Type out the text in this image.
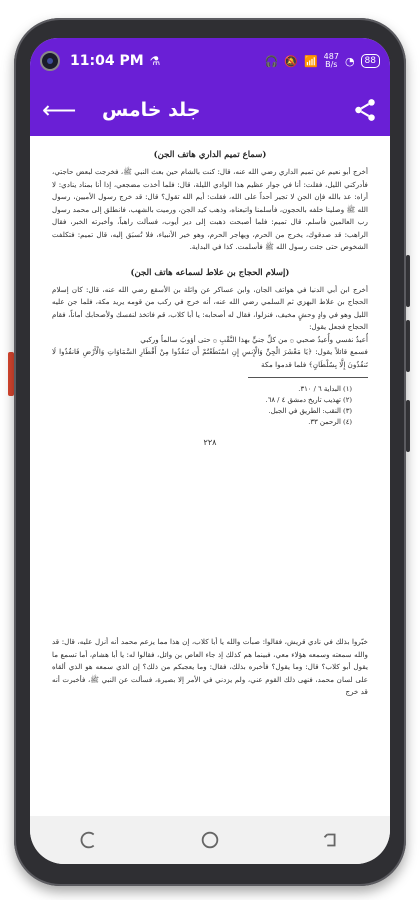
11:04 PM ⚗	🎧 🔕 📶 487
B/s ◔	88
⟵ جلد خامس
(سماع تميم الداري هاتف الجن)
أخرج أبو نعيم عن تميم الداري رضي الله عنه، قال: كنت بالشام حين بعث النبي ﷺ، فخرجت لبعض حاجتي، فأدركني الليل، فقلت: أنا في جوار عظيم هذا الوادي الليلة، قال: فلما أخذت مضجعي، إذا أنا بمناد ينادي: لا أراه: عذ بالله فإن الجن لا تجير أحداً على الله، فقلت: أيم الله تقول؟ قال: قد خرج رسول الأميين، رسول الله ﷺ وصلينا خلفه بالحجون، فأسلمنا واتبعناه، وذهب كيد الجن، ورميت بالشهب، فانطلق إلى محمد رسول رب العالمين فأسلم. قال تميم: فلما أصبحت ذهبت إلى دير أيوب، فسألت راهباً، وأخبرته الخبر، فقال الراهب: قد صدقوك، يخرج من الحرم، ويهاجر الحرم، وهو خير الأنبياء، فلا تُسبَق إليه، قال تميم: فتكلفت الشخوص حتى جئت رسول الله ﷺ فأسلمت. كذا في البداية.
(إسلام الحجاج بن علاط لسماعه هاتف الجن)
أخرج ابن أبي الدنيا في هواتف الجان، وابن عساكر عن واثلة بن الأسقع رضي الله عنه، قال: كان إسلام الحجاج بن علاط البهزي ثم السلمي رضي الله عنه، أنه خرج في ركب من قومه يريد مكة، فلما جن عليه الليل وهو في وادٍ وحشٍ مخيف، فنزلوا، فقال له أصحابه: يا أبا كلاب، قم فاتخذ لنفسك ولأصحابك أماناً، فقام الحجاج فجعل يقول:
أُعيذُ نفسي وأُعيذُ صحبي ۞ من كلِّ جنيٍّ بهذا النَّقْبِ ۞ حتى أؤوبَ سالماً وركبي
فسمع قائلاً يقول: ﴿يَا مَعْشَرَ الْجِنِّ وَالْإِنسِ إِنِ اسْتَطَعْتُمْ أَن تَنفُذُوا مِنْ أَقْطَارِ السَّمَاوَاتِ وَالْأَرْضِ فَانفُذُوا لَا تَنفُذُونَ إِلَّا بِسُلْطَانٍ﴾ فلما قدموا مكة
(١) البداية ٦ / ٣١٠.
(٢) تهذيب تاريخ دمشق ٤ / ٦٨.
(٣) النقب: الطريق في الجبل.
(٤) الرحمن ٣٣.
٢٢٨
خبّروا بذلك في نادي قريش، فقالوا: صبأت والله يا أبا كلاب، إن هذا مما يزعم محمد أنه أنزل عليه، قال: قد والله سمعته وسمعه هؤلاء معي، فبينما هم كذلك إذ جاء العاص بن وائل، فقالوا له: يا أبا هشام، أما تسمع ما يقول أبو كلاب؟ قال: وما يقول؟ فأخبره بذلك، فقال: وما يعجبكم من ذلك؟ إن الذي سمعه هو الذي ألقاه على لسان محمد، فنهى ذلك القوم عني، ولم يزدني في الأمر إلا بصيرة، فسألت عن النبي ﷺ، فأخبرت أنه قد خرج
